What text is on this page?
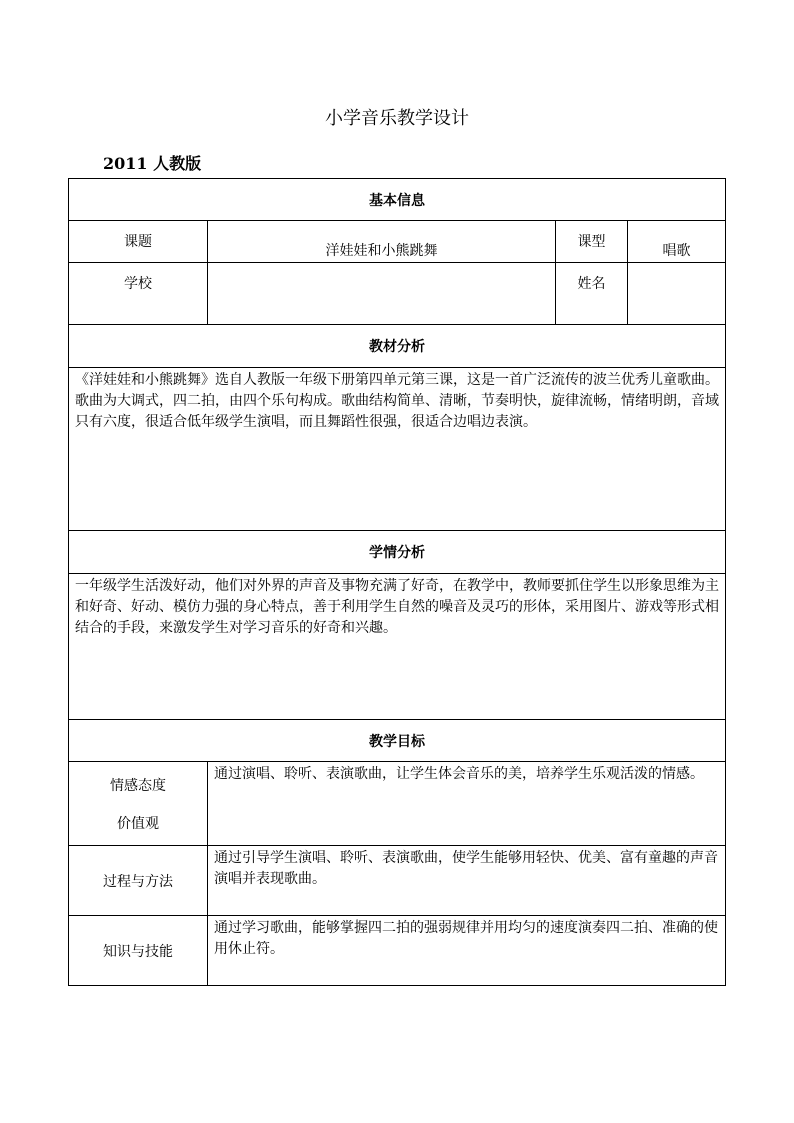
小学音乐教学设计
2011 人教版
基本信息			

课题	洋娃娃和小熊跳舞	课型	唱歌

学校		姓名	

教材分析			
《洋娃娃和小熊跳舞》选自人教版一年级下册第四单元第三课，这是一首广泛流传的波兰优秀儿童歌曲。歌曲为大调式，四二拍，由四个乐句构成。歌曲结构简单、清晰，节奏明快，旋律流畅，情绪明朗，音域只有六度，很适合低年级学生演唱，而且舞蹈性很强，很适合边唱边表演。			
学情分析			
一年级学生活泼好动，他们对外界的声音及事物充满了好奇，在教学中，教师要抓住学生以形象思维为主和好奇、好动、模仿力强的身心特点，善于利用学生自然的噪音及灵巧的形体，采用图片、游戏等形式相结合的手段，来激发学生对学习音乐的好奇和兴趣。			
教学目标			

情感态度
价值观	通过演唱、聆听、表演歌曲，让学生体会音乐的美，培养学生乐观活泼的情感。		
过程与方法	通过引导学生演唱、聆听、表演歌曲，使学生能够用轻快、优美、富有童趣的声音演唱并表现歌曲。		
知识与技能	通过学习歌曲，能够掌握四二拍的强弱规律并用均匀的速度演奏四二拍、准确的使用休止符。		
